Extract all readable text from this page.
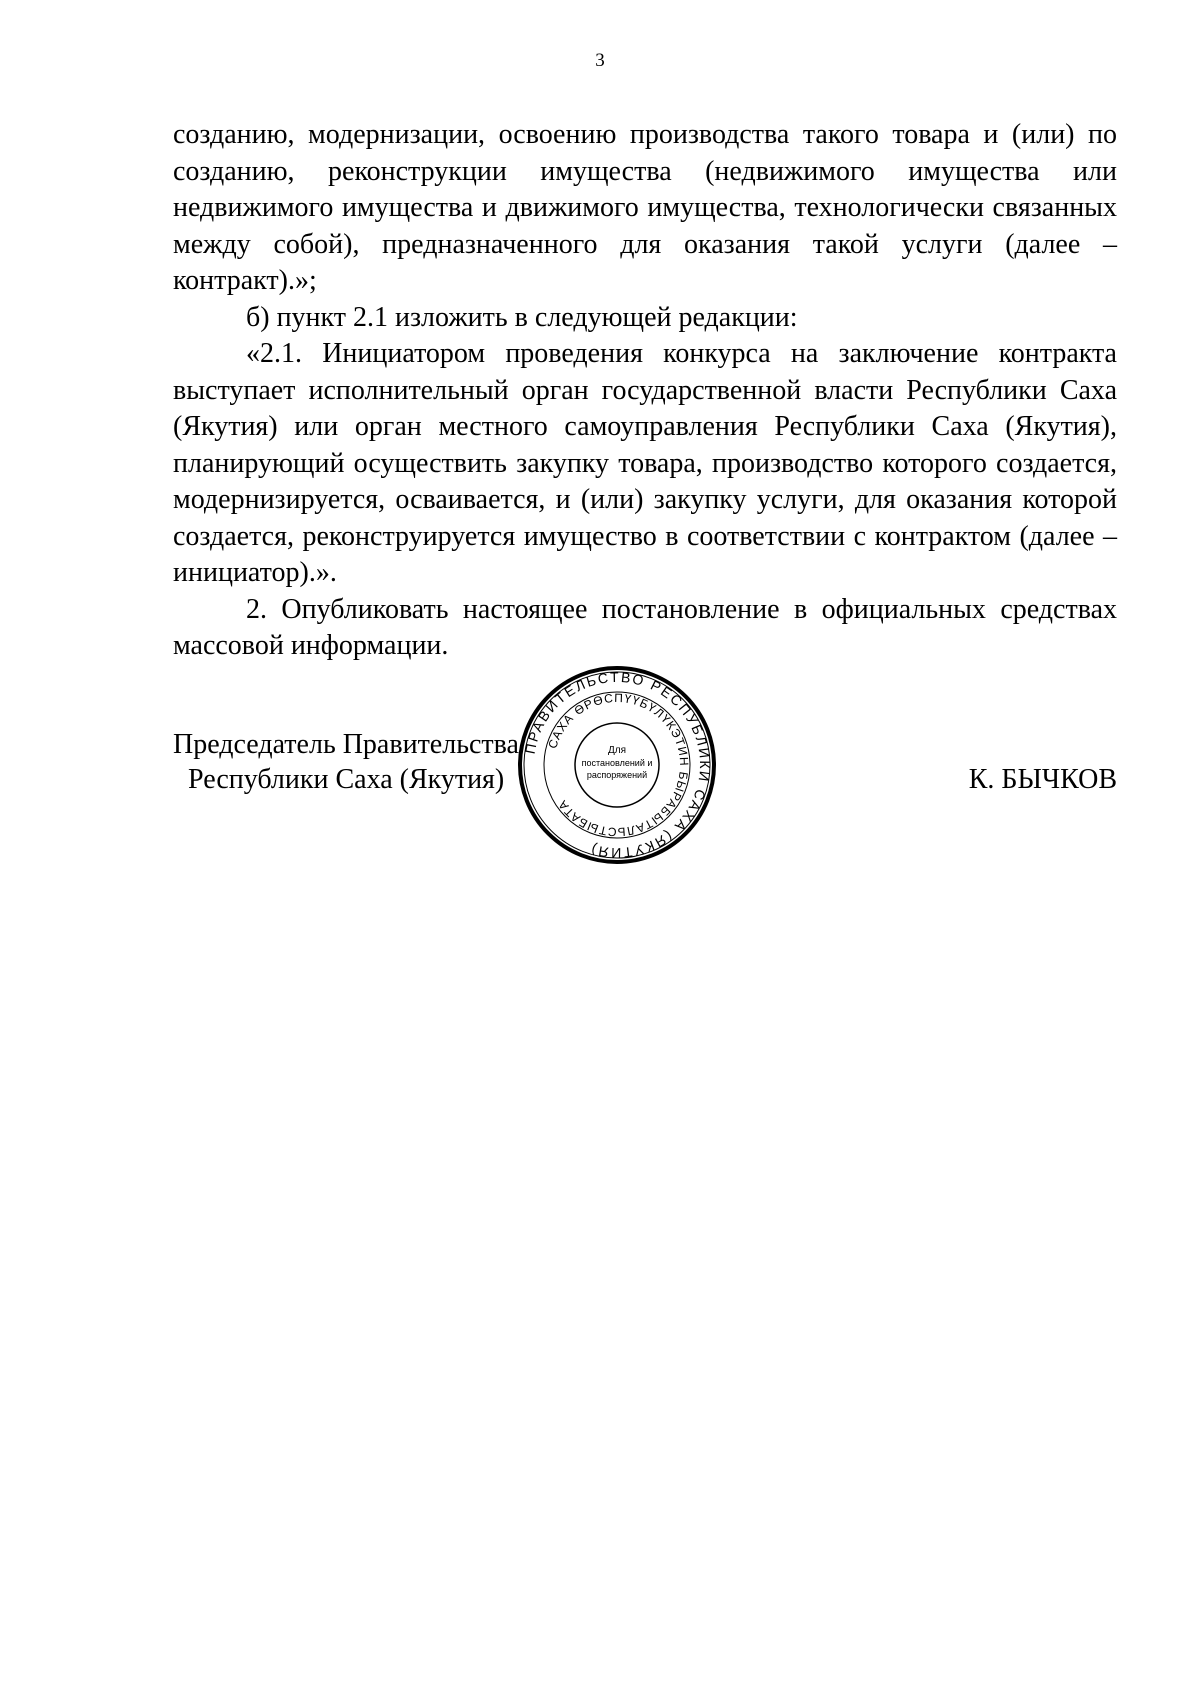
3

созданию, модернизации, освоению производства такого товара и (или) по созданию, реконструкции имущества (недвижимого имущества или недвижимого имущества и движимого имущества, технологически связанных между собой), предназначенного для оказания такой услуги (далее – контракт).»;

б) пункт 2.1 изложить в следующей редакции:

«2.1. Инициатором проведения конкурса на заключение контракта выступает исполнительный орган государственной власти Республики Саха (Якутия) или орган местного самоуправления Республики Саха (Якутия), планирующий осуществить закупку товара, производство которого создается, модернизируется, осваивается, и (или) закупку услуги, для оказания которой создается, реконструируется имущество в соответствии с контрактом (далее – инициатор).».

2. Опубликовать настоящее постановление в официальных средствах массовой информации.

Председатель Правительства
Республики Саха (Якутия)	К. БЫЧКОВ
ПРАВИТЕЛЬСТВО РЕСПУБЛИКИ САХА (ЯКУТИЯ)
САХА ӨРӨСПҮҮБҮЛҮКЭТИН БЫРАБЫТАЛЬСТЫБАТА
Для
постановлений и
распоряжений
